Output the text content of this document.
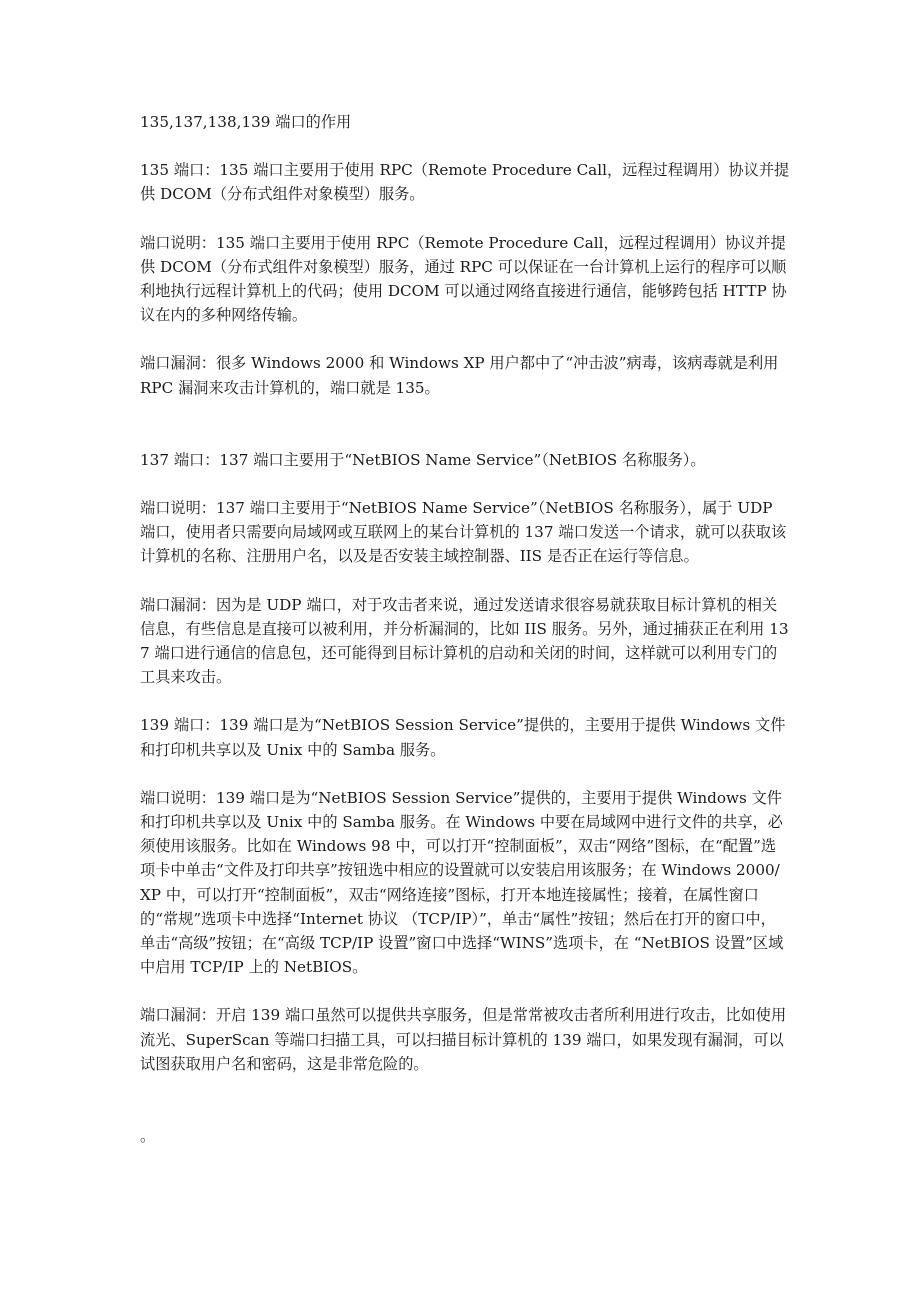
135,137,138,139 端口的作用

135 端口：135 端口主要用于使用 RPC（Remote Procedure Call，远程过程调用）协议并提供 DCOM（分布式组件对象模型）服务。

端口说明：135 端口主要用于使用 RPC（Remote Procedure Call，远程过程调用）协议并提供 DCOM（分布式组件对象模型）服务，通过 RPC 可以保证在一台计算机上运行的程序可以顺利地执行远程计算机上的代码；使用 DCOM 可以通过网络直接进行通信，能够跨包括 HTTP 协议在内的多种网络传输。

端口漏洞：很多 Windows 2000 和 Windows XP 用户都中了“冲击波”病毒，该病毒就是利用 RPC 漏洞来攻击计算机的，端口就是 135。

137 端口：137 端口主要用于“NetBIOS Name Service”（NetBIOS 名称服务）。

端口说明：137 端口主要用于“NetBIOS Name Service”（NetBIOS 名称服务），属于 UDP 端口，使用者只需要向局域网或互联网上的某台计算机的 137 端口发送一个请求，就可以获取该计算机的名称、注册用户名，以及是否安装主域控制器、IIS 是否正在运行等信息。

端口漏洞：因为是 UDP 端口，对于攻击者来说，通过发送请求很容易就获取目标计算机的相关信息，有些信息是直接可以被利用，并分析漏洞的，比如 IIS 服务。另外，通过捕获正在利用 137 端口进行通信的信息包，还可能得到目标计算机的启动和关闭的时间，这样就可以利用专门的工具来攻击。

139 端口：139 端口是为“NetBIOS Session Service”提供的，主要用于提供 Windows 文件和打印机共享以及 Unix 中的 Samba 服务。

端口说明：139 端口是为“NetBIOS Session Service”提供的，主要用于提供 Windows 文件和打印机共享以及 Unix 中的 Samba 服务。在 Windows 中要在局域网中进行文件的共享，必须使用该服务。比如在 Windows 98 中，可以打开“控制面板”，双击“网络”图标，在“配置”选项卡中单击“文件及打印共享”按钮选中相应的设置就可以安装启用该服务；在 Windows 2000/XP 中，可以打开“控制面板”，双击“网络连接”图标，打开本地连接属性；接着，在属性窗口的“常规”选项卡中选择“Internet 协议 （TCP/IP）”，单击“属性”按钮；然后在打开的窗口中，单击“高级”按钮；在“高级 TCP/IP 设置”窗口中选择“WINS”选项卡，在 “NetBIOS 设置”区域中启用 TCP/IP 上的 NetBIOS。

端口漏洞：开启 139 端口虽然可以提供共享服务，但是常常被攻击者所利用进行攻击，比如使用流光、SuperScan 等端口扫描工具，可以扫描目标计算机的 139 端口，如果发现有漏洞，可以试图获取用户名和密码，这是非常危险的。

。
